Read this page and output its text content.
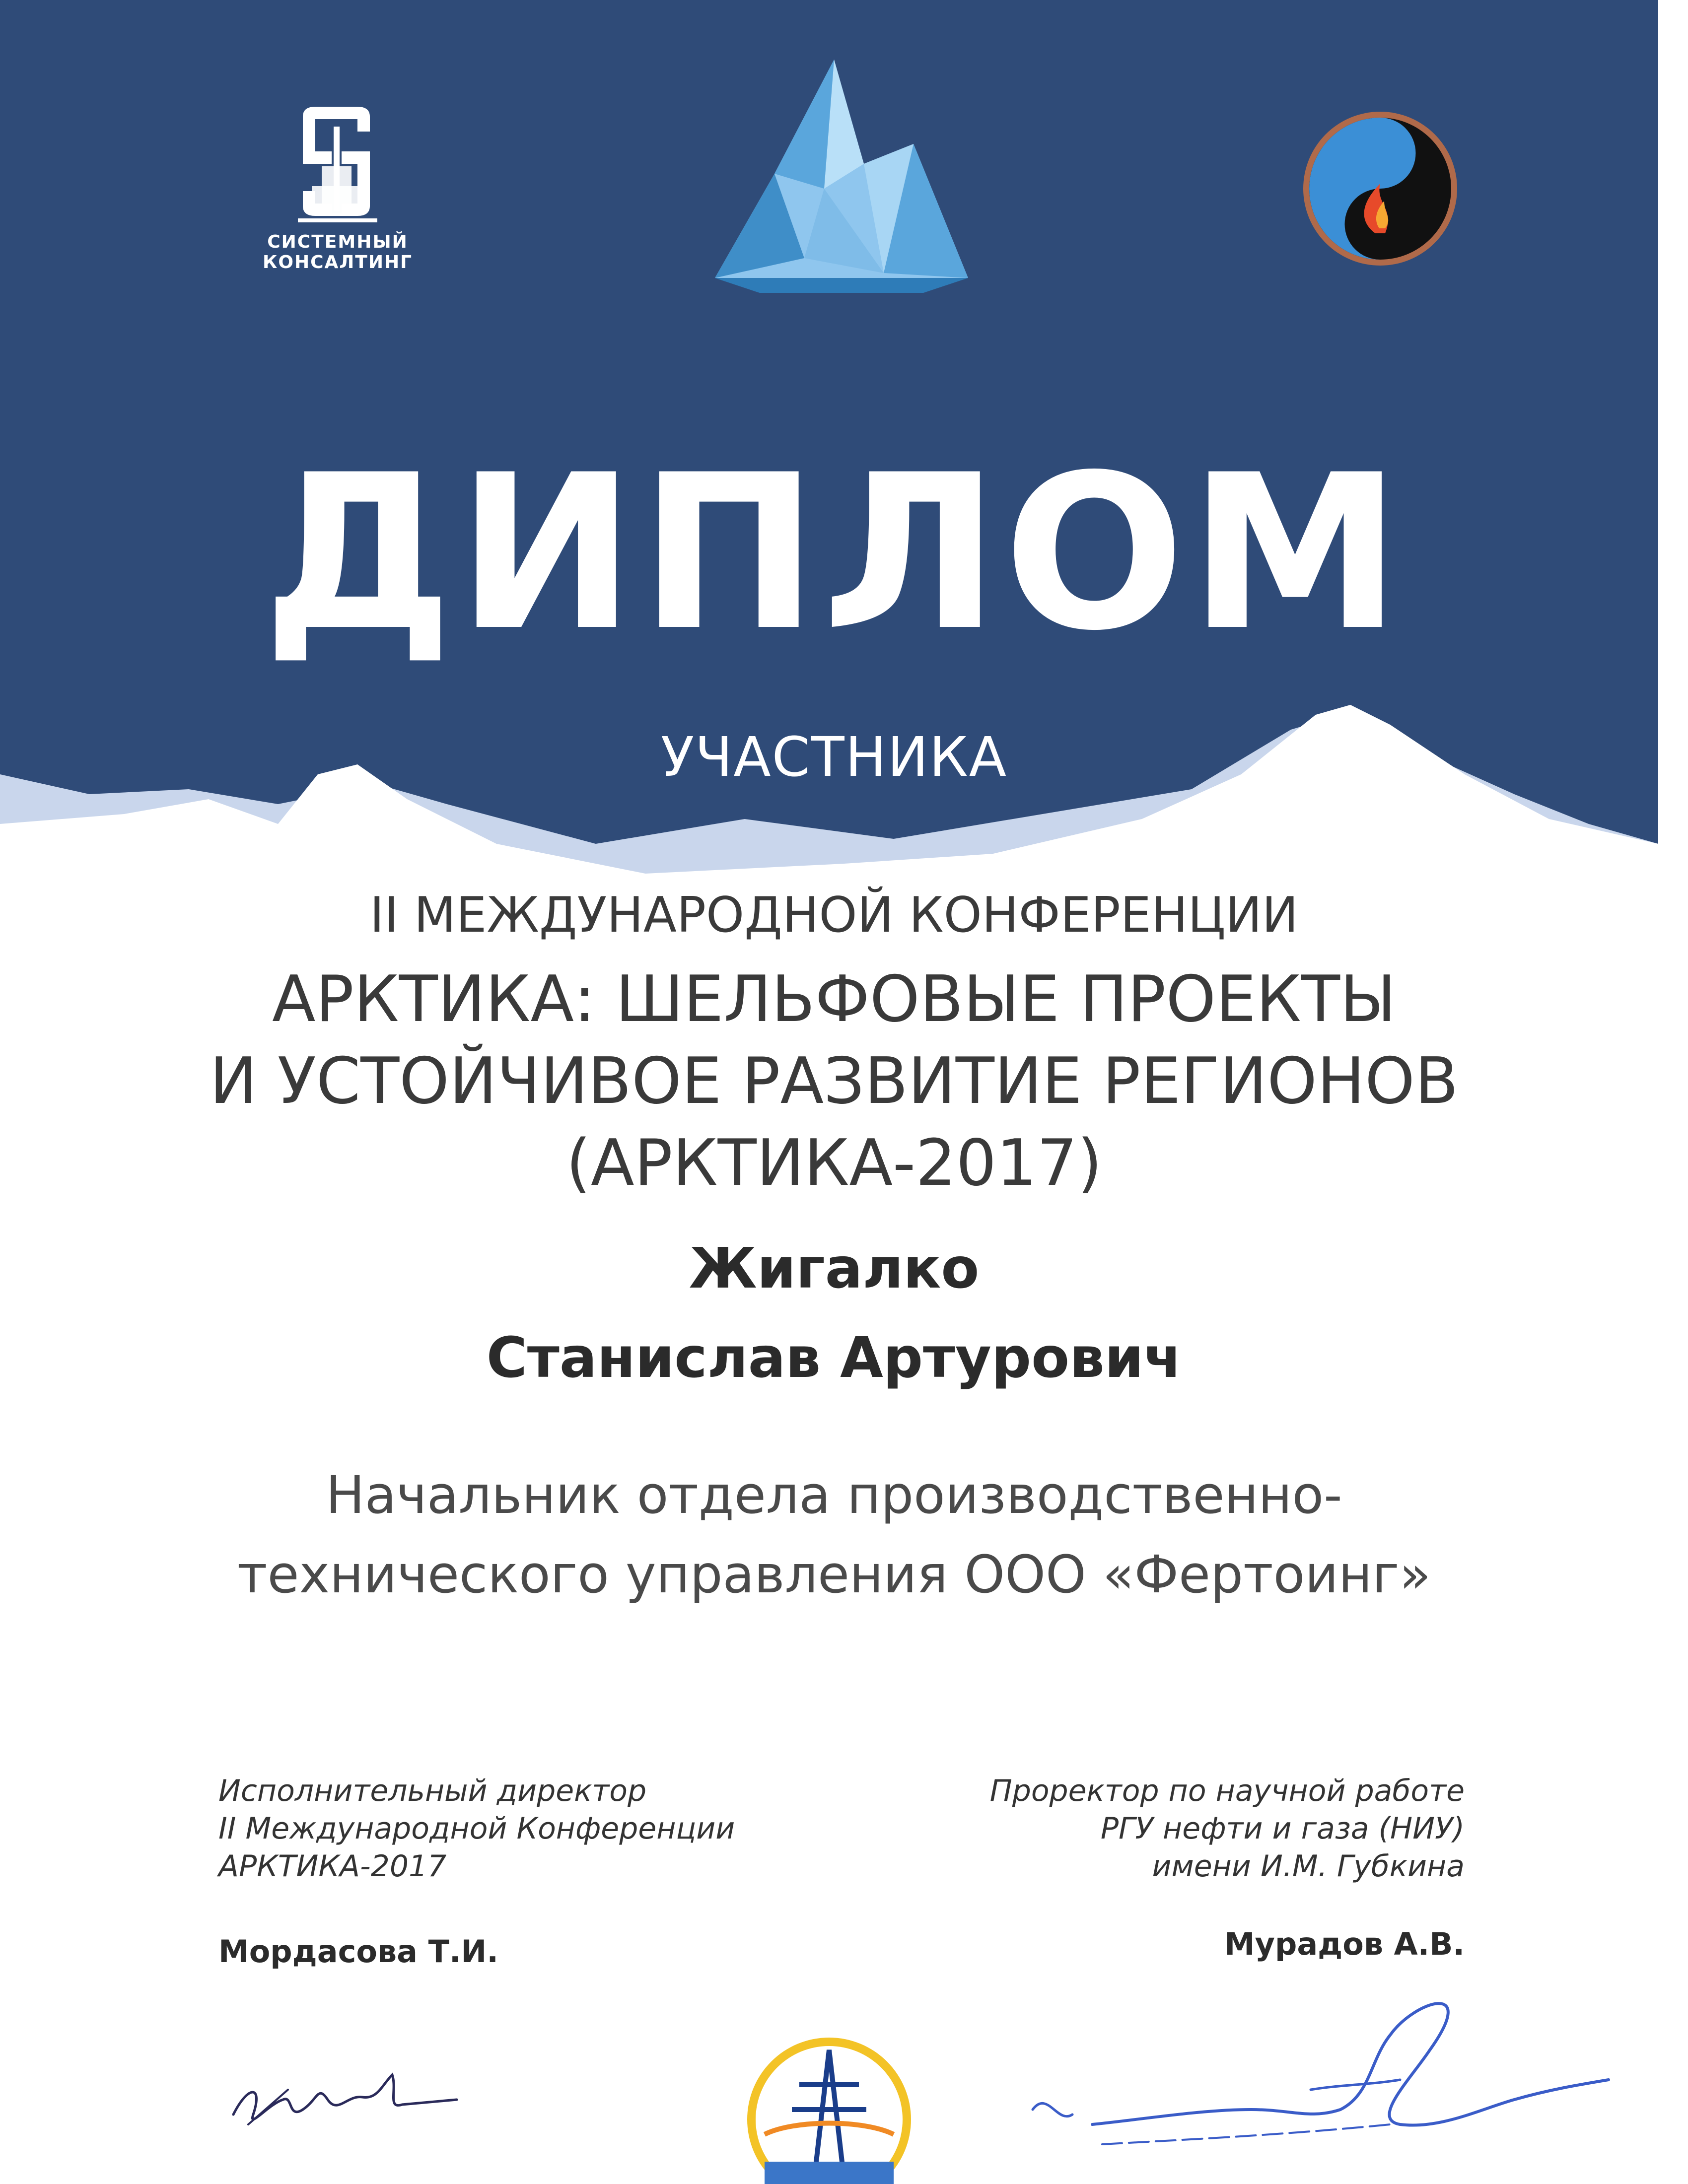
СИСТЕМНЫЙ КОНСАЛТИНГ
ДИПЛОМ
УЧАСТНИКА
II МЕЖДУНАРОДНОЙ КОНФЕРЕНЦИИ
АРКТИКА: ШЕЛЬФОВЫЕ ПРОЕКТЫ
И УСТОЙЧИВОЕ РАЗВИТИЕ РЕГИОНОВ
(АРКТИКА-2017)
Жигалко
Станислав Артурович
Начальник отдела производственно-
технического управления ООО «Фертоинг»
Исполнительный директор
II Международной Конференции
АРКТИКА-2017
Проректор по научной работе
РГУ нефти и газа (НИУ)
имени И.М. Губкина
Мордасова Т.И.	Мурадов А.В.
